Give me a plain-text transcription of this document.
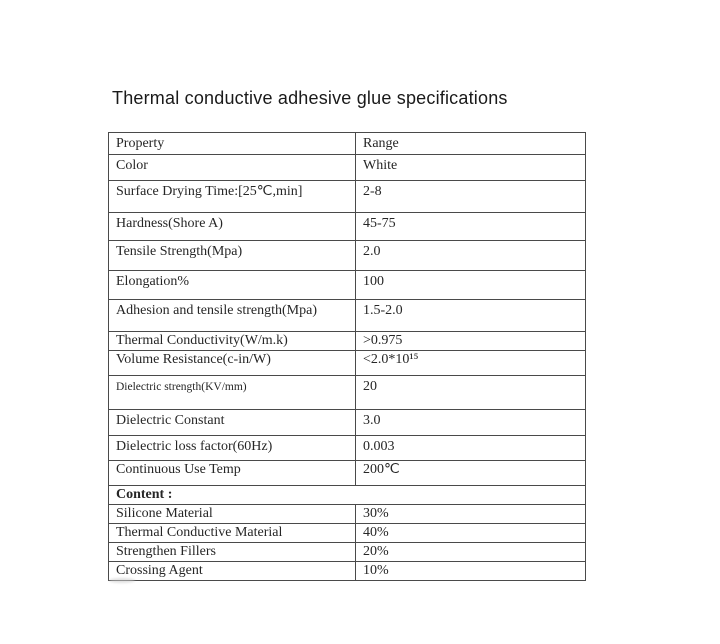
Thermal conductive adhesive glue specifications
Property	Range
Color	White
Surface Drying Time:[25℃,min]	2-8
Hardness(Shore A)	45-75
Tensile Strength(Mpa)	2.0
Elongation%	100
Adhesion and tensile strength(Mpa)	1.5-2.0
Thermal Conductivity(W/m.k)	>0.975
Volume Resistance(c-in/W)	<2.0*10¹⁵
Dielectric strength(KV/mm)	20
Dielectric Constant	3.0
Dielectric loss factor(60Hz)	0.003
Continuous Use Temp	200℃
Content :	
Silicone Material	30%
Thermal Conductive Material	40%
Strengthen Fillers	20%
Crossing Agent	10%
